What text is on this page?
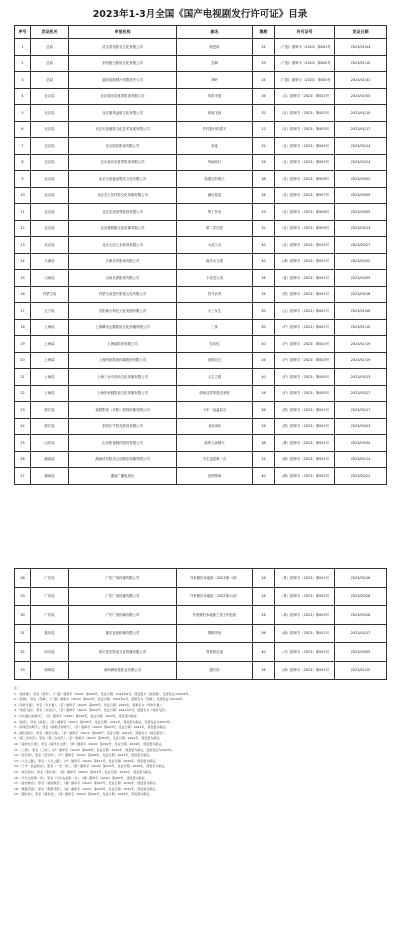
2023年1-3月全国《国产电视剧发行许可证》目录
序号	发证机关	申报机构	剧名	集数	许可证号	发证日期
1	总局	武汉青苗影业文化有限公司	他是谁	24	（广剧）剧审字（2023）第001号	2023/01/04
2	总局	东阳留白影视文化有限公司	狂飙	39	（广剧）剧审字（2023）第002号	2023/01/10
3	总局	湖北电影制片有限责任公司	莽岭	24	（广剧）剧审字（2023）第003号	2023/01/31
4	北京局	北京欢乐奕世界影视有限公司	风吹半夏	36	（京）剧审字（2023）第001号	2023/01/05
5	北京局	北京瑞风远航文化有限公司	欢庭飞扬	32	（京）剧审字（2023）第002号	2023/01/10
6	北京局	北京天美盛影文化艺术发展有限公司	乡村振兴的春天	12	（京）剧审字（2023）第003号	2023/01/17
7	北京局	北京凯乐影视有限公司	前夜	32	（京）剧审字（2023）第004号	2023/02/14
8	北京局	北京欢乐奕世界影视有限公司	风雨同行	26	（京）剧审字（2023）第005号	2023/02/24
9	北京局	北京天浩盛世娱乐文化有限公司	如果还有明天	38	（京）剧审字（2023）第006号	2023/03/02
10	北京局	北京吾土瓦杯影文化传媒有限公司	满目星辰	36	（京）剧审字（2023）第007号	2023/03/09
11	北京局	北京完美世界影视有限公司	特工任务	29	（京）剧审字（2023）第008号	2023/03/09
12	北京局	北京耕耕微文化传媒有限公司	第二次初恋	32	（京）剧审字（2023）第009号	2023/03/13
13	北京局	北京大河之水影视有限公司	大河之水	40	（京）剧审字（2023）第010号	2023/03/27
14	天津局	天津乐华影视有限公司	南洋女儿情	40	（津）剧审字（2023）第001号	2023/02/02
15	山西局	山西长源影视有限公司	于成龙大成	36	（晋）剧审字（2023）第001号	2023/03/09
16	内蒙古局	内蒙古成思开影视文化有限公司	烈马长风	34	（蒙）剧审字（2023）第001号	2023/03/16
17	辽宁局	沈阳城大科技文化发展有限公司	大三女生	30	（辽）剧审字（2023）第001号	2023/01/06
18	上海局	上海腾讯企鹅影视文化传播有限公司	三体	30	（沪）剧审字（2023）第001号	2023/01/10
19	上海局	上海那影视有限公司	安乐传	40	（沪）剧审字（2023）第002号	2023/01/19
20	上海局	上海所影影视传媒股份有限公司	爱情自己	26	（沪）剧审字（2023）第003号	2023/01/19
21	上海局	上海三台代时尚文化传媒有限公司	人生之路	40	（沪）剧审字（2023）第004号	2023/03/13
22	上海局	上海好家剧影视文化传媒有限公司	请和这样的我恋爱吧	16	（沪）剧审字（2023）第005号	2023/03/27
23	浙江局	欢娱影视（东阳）影视传媒有限公司	十年一品温如言	36	（浙）剧审字（2023）第001号	2023/02/17
24	浙江局	东阳正午阳光影视有限公司	欢乐颂4	26	（浙）剧审字（2023）第002号	2023/03/03
25	山东局	山东影视制作股份有限公司	我的人间烟火	38	（鲁）剧审字（2023）第001号	2023/03/30
26	湖南局	湖南快乐阳光互动娱乐传媒有限公司	今生也是第一次	24	（湘）剧审字（2023）第001号	2023/02/14
27	湖南局	湖南广播电视台	爱的勋章	40	（湘）剧审字（2023）第002号	2023/02/22
28	广东局	广东广视传媒有限公司	外来媳妇本地郎（2023第一部）	16	（粤）剧审字（2023）第001号	2023/02/16
29	广东局	广东广视传媒有限公司	外来媳妇本地郎（2022第六部）	16	（粤）剧审字（2023）第002号	2023/03/28
30	广东局	广东广视传媒有限公司	外来媳妇本地郎之牧子的危机	16	（粤）剧审字（2023）第003号	2023/03/28
31	重庆局	重庆亚视传媒有限公司	雾路邻里	36	（渝）剧审字（2023）第001号	2023/02/17
32	四川局	四川星空影视文化传媒有限公司	青春的足迹	40	（川）剧审字（2023）第001号	2023/03/09
33	深圳局	深圳海棠星影业有限公司	漫长的	36	（深）剧审字（2023）第001号	2023/01/20
注：
1.《他是谁》，原名《孤军》，（广剧）剧审字（2022）第006号，发证日期：2022年6月，现变更为《他是谁》，变更发证为2023年。
2.《狂飙》，原名《狂飙》，（广剧）剧审字（2022）第010号，发证日期：2022年9月，现更名为《狂飙》，变更发证为2023年。
3.《风吹半夏》，原名《许半夏》，（京）剧审字（2020）第005号，发证日期：2020年，现更名为《风吹半夏》。
4.《欢庭飞扬》，原名《乡亲们》，（京）剧审字（2021）第022号，发证日期：2021年6月，现更名为《欢庭飞扬》。
5.《乡村振兴的春天》，（京）剧审字（2022）第018号，发证日期：2022年，现变更为新证。
6.《前夜》，原名《前夜》，（京）剧审字（2021）第035号，发证日期：2021年，现变更为新证，变更发证为2023年。
7.《如果还有明天》，原名《如果还有明天》，（京）剧审字（2022）第023号，发证日期：2022年，现变更为新证。
8.《满目星辰》，原名《星辰大海》，（京）剧审字（2021）第006号，发证日期：2021年，现更名为《满目星辰》。
9.《第二次初恋》，原名《第二次初恋》，（京）剧审字（2022）第004号，发证日期：2022年，现变更为新证。
10.《南洋女儿情》，原名《南洋女儿情》，（津）剧审字（2019）第002号，发证日期：2019年，现变更为新证。
11.《三体》，原名《三体》，（沪）剧审字（2020）第026号，发证日期：2020年，现变更为新证，变更发证为2023年。
12.《安乐传》，原名《安乐传》，（沪）剧审字（2021）第009号，发证日期：2021年，现变更为新证。
13.《人生之路》，原名《人生之路》，（沪）剧审字（2022）第011号，发证日期：2022年，现变更为新证。
14.《十年一品温如言》，原名《一生一世》，（浙）剧审字（2019）第037号，发证日期：2019年，现更名为新证。
15.《欢乐颂4》，原名《欢乐颂》，（浙）剧审字（2020）第015号，发证日期：2020年，现变更为新证。
16.《今生也是第一次》，原名《今生也是第一次》，（湘）剧审字（2022）第003号，现变更为新证。
17.《爱的勋章》，原名《爱的勋章》，（湘）剧审字（2022）第007号，发证日期：2022年，现变更为新证。
18.《雾路邻里》，原名《雾都邻里》，（渝）剧审字（2021）第003号，发证日期：2021年，现变更为新证。
19.《漫长的》，原名《漫长的》，（深）剧审字（2022）第002号，发证日期：2022年，现变更为新证。
